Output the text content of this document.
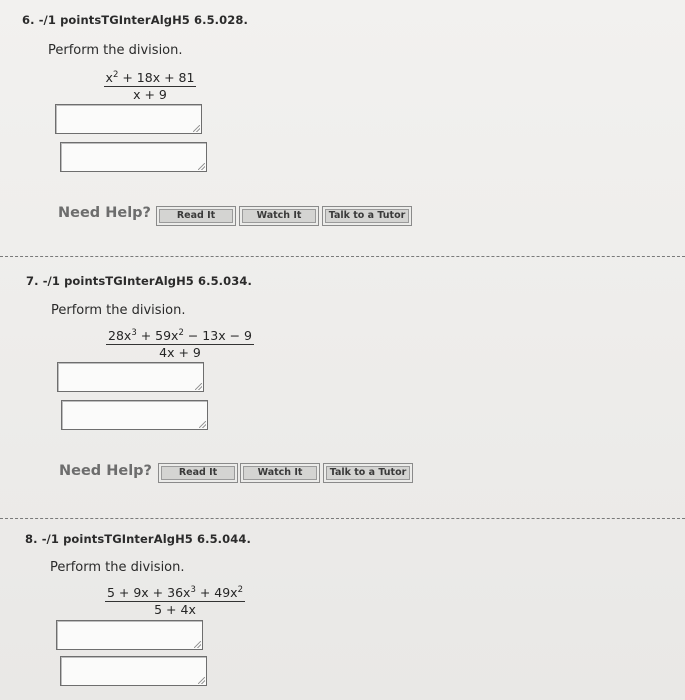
6. -/1 pointsTGInterAlgH5 6.5.028.
Perform the division.
$\frac{x^2 + 18x + 81}{x + 9}$
Need Help?	Read It	Watch It	Talk to a Tutor
7. -/1 pointsTGInterAlgH5 6.5.034.
Perform the division.
$\frac{28x^3 + 59x^2 - 13x - 9}{4x + 9}$
Need Help?	Read It	Watch It	Talk to a Tutor
8. -/1 pointsTGInterAlgH5 6.5.044.
Perform the division.
$\frac{5 + 9x + 36x^3 + 49x^2}{5 + 4x}$
